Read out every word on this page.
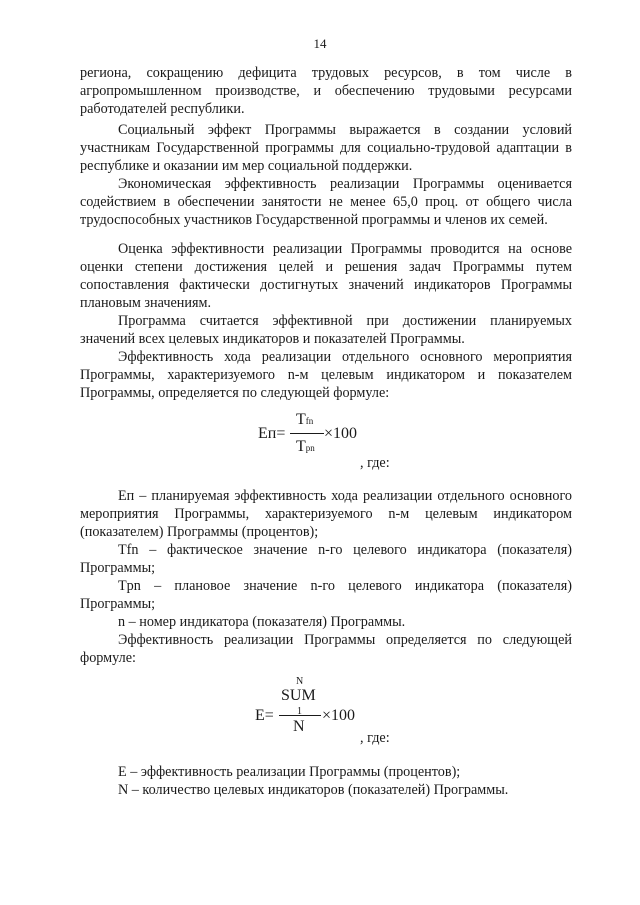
14

региона, сокращению дефицита трудовых ресурсов, в том числе в агропромышленном производстве, и обеспечению трудовыми ресурсами работодателей республики.

Социальный эффект Программы выражается в создании условий участникам Государственной программы для социально-трудовой адаптации в республике и оказании им мер социальной поддержки.

Экономическая эффективность реализации Программы оценивается содействием в обеспечении занятости не менее 65,0 проц. от общего числа трудоспособных участников Государственной программы и членов их семей.

Оценка эффективности реализации Программы проводится на основе оценки степени достижения целей и решения задач Программы путем сопоставления фактически достигнутых значений индикаторов Программы плановым значениям.

Программа считается эффективной при достижении планируемых значений всех целевых индикаторов и показателей Программы.

Эффективность хода реализации отдельного основного мероприятия Программы, характеризуемого n-м целевым индикатором и показателем Программы, определяется по следующей формуле:

Еп=
Тfn
Тpn
×100
, где:

Еп – планируемая эффективность хода реализации отдельного основного мероприятия Программы, характеризуемого n-м целевым индикатором (показателем) Программы (процентов);

Тfn – фактическое значение n-го целевого индикатора (показателя) Программы;

Тpn – плановое значение n-го целевого индикатора (показателя) Программы;

n – номер индикатора (показателя) Программы.

Эффективность реализации Программы определяется по следующей формуле:

Е=
N
SUM
1
N
×100
, где:

Е – эффективность реализации Программы (процентов);

N – количество целевых индикаторов (показателей) Программы.
